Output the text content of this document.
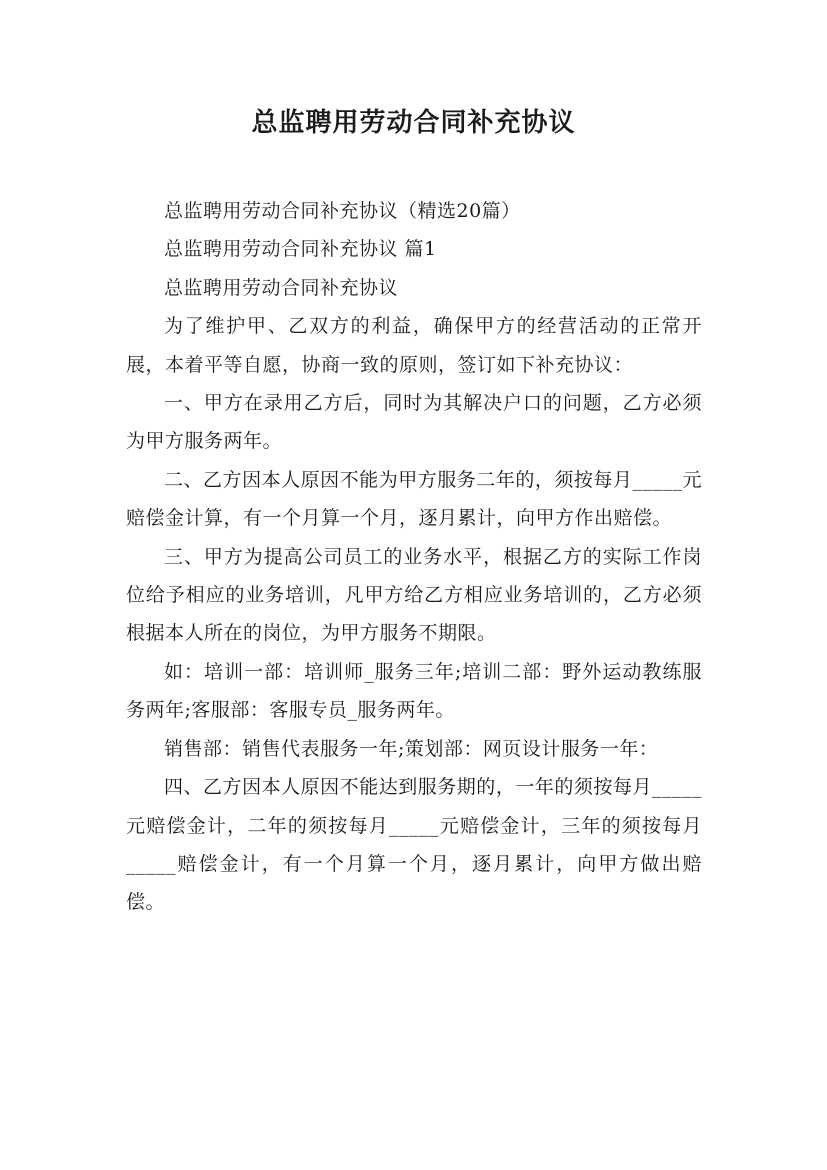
总监聘用劳动合同补充协议

总监聘用劳动合同补充协议（精选20篇）

总监聘用劳动合同补充协议 篇1

总监聘用劳动合同补充协议

为了维护甲、乙双方的利益，确保甲方的经营活动的正常开展，本着平等自愿，协商一致的原则，签订如下补充协议：

一、甲方在录用乙方后，同时为其解决户口的问题，乙方必须为甲方服务两年。

二、乙方因本人原因不能为甲方服务二年的，须按每月_____元赔偿金计算，有一个月算一个月，逐月累计，向甲方作出赔偿。

三、甲方为提高公司员工的业务水平，根据乙方的实际工作岗位给予相应的业务培训，凡甲方给乙方相应业务培训的，乙方必须根据本人所在的岗位，为甲方服务不期限。

如：培训一部：培训师_服务三年;培训二部：野外运动教练服务两年;客服部：客服专员_服务两年。

销售部：销售代表服务一年;策划部：网页设计服务一年：

四、乙方因本人原因不能达到服务期的，一年的须按每月_____元赔偿金计，二年的须按每月_____元赔偿金计，三年的须按每月_____赔偿金计，有一个月算一个月，逐月累计，向甲方做出赔偿。
